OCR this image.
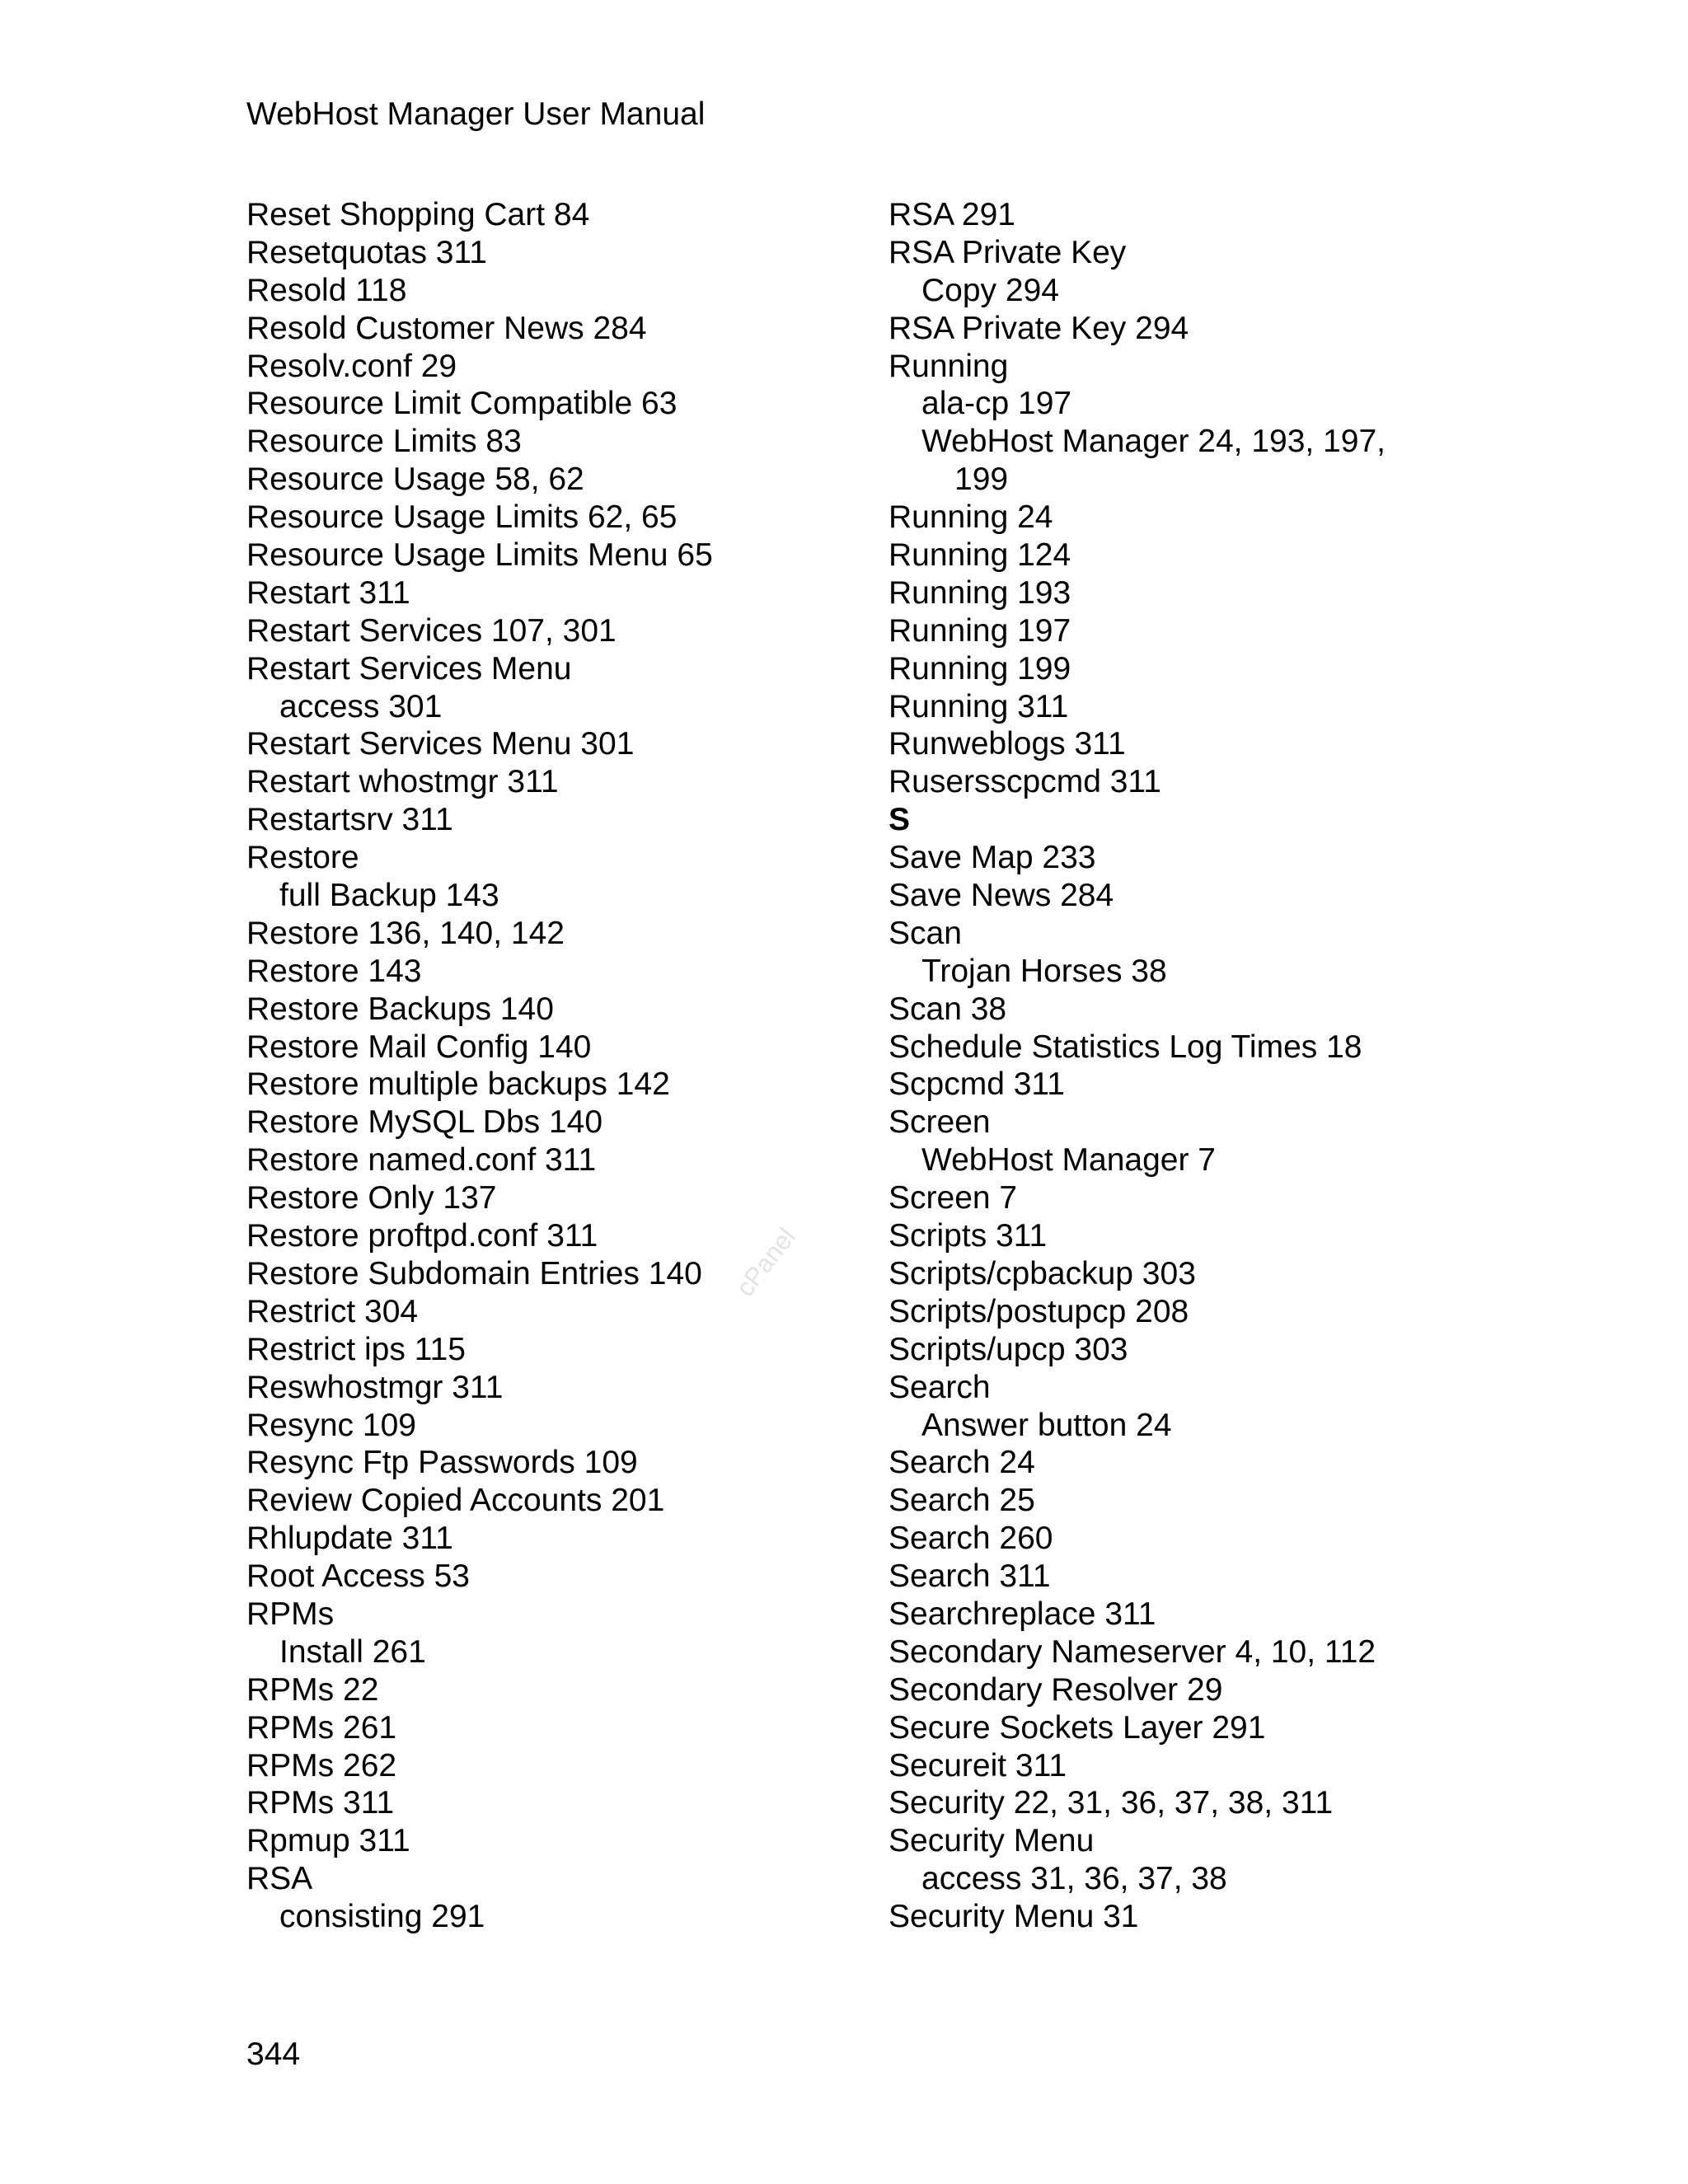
WebHost Manager User Manual
Reset Shopping Cart 84
Resetquotas 311
Resold 118
Resold Customer News 284
Resolv.conf 29
Resource Limit Compatible 63
Resource Limits 83
Resource Usage 58, 62
Resource Usage Limits 62, 65
Resource Usage Limits Menu 65
Restart 311
Restart Services 107, 301
Restart Services Menu
access 301
Restart Services Menu 301
Restart whostmgr 311
Restartsrv 311
Restore
full Backup 143
Restore 136, 140, 142
Restore 143
Restore Backups 140
Restore Mail Config 140
Restore multiple backups 142
Restore MySQL Dbs 140
Restore named.conf 311
Restore Only 137
Restore proftpd.conf 311
Restore Subdomain Entries 140
Restrict 304
Restrict ips 115
Reswhostmgr 311
Resync 109
Resync Ftp Passwords 109
Review Copied Accounts 201
Rhlupdate 311
Root Access 53
RPMs
Install 261
RPMs 22
RPMs 261
RPMs 262
RPMs 311
Rpmup 311
RSA
consisting 291
RSA 291
RSA Private Key
Copy 294
RSA Private Key 294
Running
ala-cp 197
WebHost Manager 24, 193, 197,
199
Running 24
Running 124
Running 193
Running 197
Running 199
Running 311
Runweblogs 311
Rusersscpcmd 311
S
Save Map 233
Save News 284
Scan
Trojan Horses 38
Scan 38
Schedule Statistics Log Times 18
Scpcmd 311
Screen
WebHost Manager 7
Screen 7
Scripts 311
Scripts/cpbackup 303
Scripts/postupcp 208
Scripts/upcp 303
Search
Answer button 24
Search 24
Search 25
Search 260
Search 311
Searchreplace 311
Secondary Nameserver 4, 10, 112
Secondary Resolver 29
Secure Sockets Layer 291
Secureit 311
Security 22, 31, 36, 37, 38, 311
Security Menu
access 31, 36, 37, 38
Security Menu 31
cPanel
344
